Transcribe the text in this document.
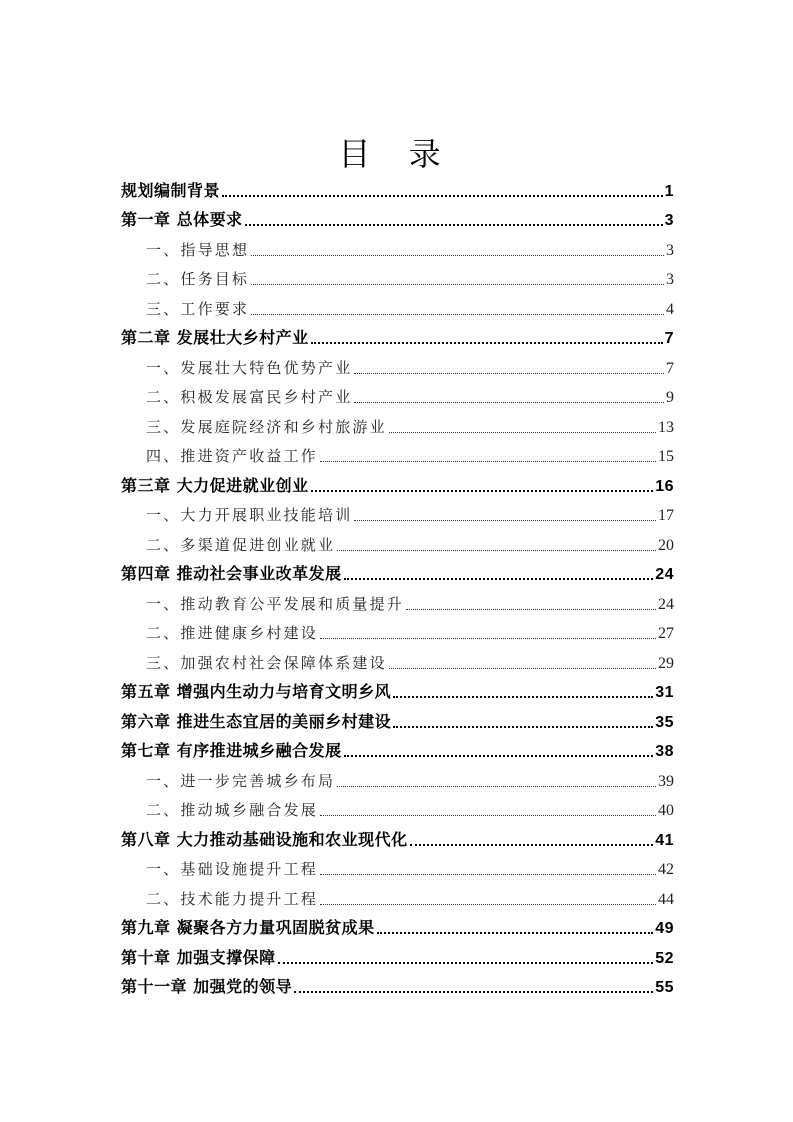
目 录
规划编制背景	1
第一章 总体要求	3
一、指导思想	3
二、任务目标	3
三、工作要求	4
第二章 发展壮大乡村产业	7
一、发展壮大特色优势产业	7
二、积极发展富民乡村产业	9
三、发展庭院经济和乡村旅游业	13
四、推进资产收益工作	15
第三章 大力促进就业创业	16
一、大力开展职业技能培训	17
二、多渠道促进创业就业	20
第四章 推动社会事业改革发展	24
一、推动教育公平发展和质量提升	24
二、推进健康乡村建设	27
三、加强农村社会保障体系建设	29
第五章 增强内生动力与培育文明乡风	31
第六章 推进生态宜居的美丽乡村建设	35
第七章 有序推进城乡融合发展	38
一、进一步完善城乡布局	39
二、推动城乡融合发展	40
第八章 大力推动基础设施和农业现代化	41
一、基础设施提升工程	42
二、技术能力提升工程	44
第九章 凝聚各方力量巩固脱贫成果	49
第十章 加强支撑保障	52
第十一章 加强党的领导	55
